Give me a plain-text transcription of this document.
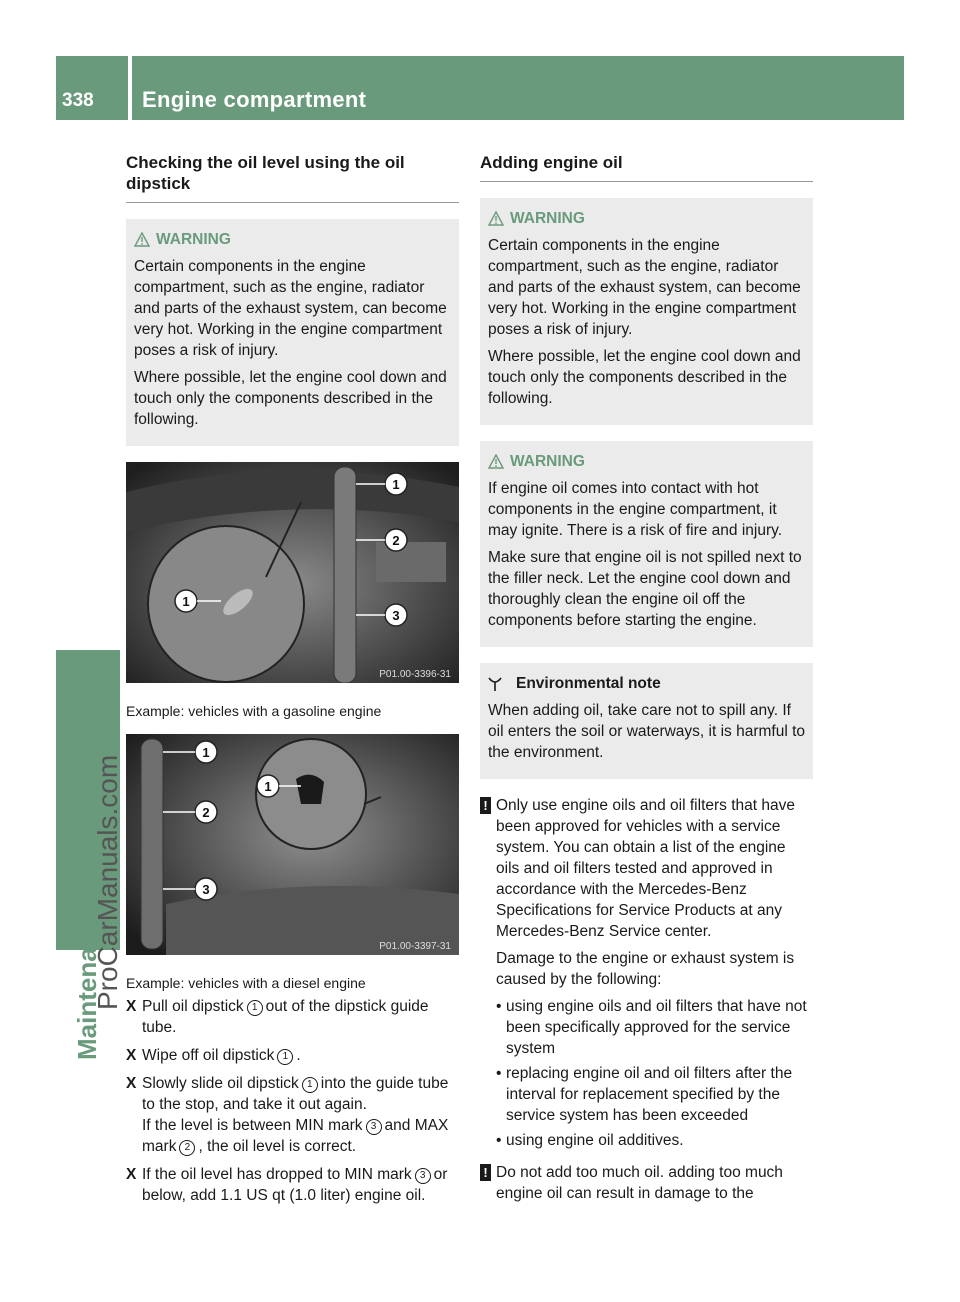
338 Engine compartment
Maintenance and care
ProCarManuals.com
Checking the oil level using the oil dipstick
WARNING

Certain components in the engine compartment, such as the engine, radiator and parts of the exhaust system, can become very hot. Working in the engine compartment poses a risk of injury.

Where possible, let the engine cool down and touch only the components described in the following.

1
2
3
1
P01.00-3396-31
Example: vehicles with a gasoline engine
1
2
3
1
P01.00-3397-31
Example: vehicles with a diesel engine
X Pull oil dipstick 1 out of the dipstick guide tube.
X Wipe off oil dipstick 1 .
X Slowly slide oil dipstick 1 into the guide tube to the stop, and take it out again.
If the level is between MIN mark 3 and MAX mark 2 , the oil level is correct.
X If the oil level has dropped to MIN mark 3 or below, add 1.1 US qt (1.0 liter) engine oil.
Adding engine oil
WARNING

Certain components in the engine compartment, such as the engine, radiator and parts of the exhaust system, can become very hot. Working in the engine compartment poses a risk of injury.

Where possible, let the engine cool down and touch only the components described in the following.

WARNING

If engine oil comes into contact with hot components in the engine compartment, it may ignite. There is a risk of fire and injury.

Make sure that engine oil is not spilled next to the filler neck. Let the engine cool down and thoroughly clean the engine oil off the components before starting the engine.

Environmental note

When adding oil, take care not to spill any. If oil enters the soil or waterways, it is harmful to the environment.

! Only use engine oils and oil filters that have been approved for vehicles with a service system. You can obtain a list of the engine oils and oil filters tested and approved in accordance with the Mercedes-Benz Specifications for Service Products at any Mercedes-Benz Service center.

Damage to the engine or exhaust system is caused by the following:

• using engine oils and oil filters that have not been specifically approved for the service system
• replacing engine oil and oil filters after the interval for replacement specified by the service system has been exceeded
• using engine oil additives.
! Do not add too much oil. adding too much engine oil can result in damage to the
